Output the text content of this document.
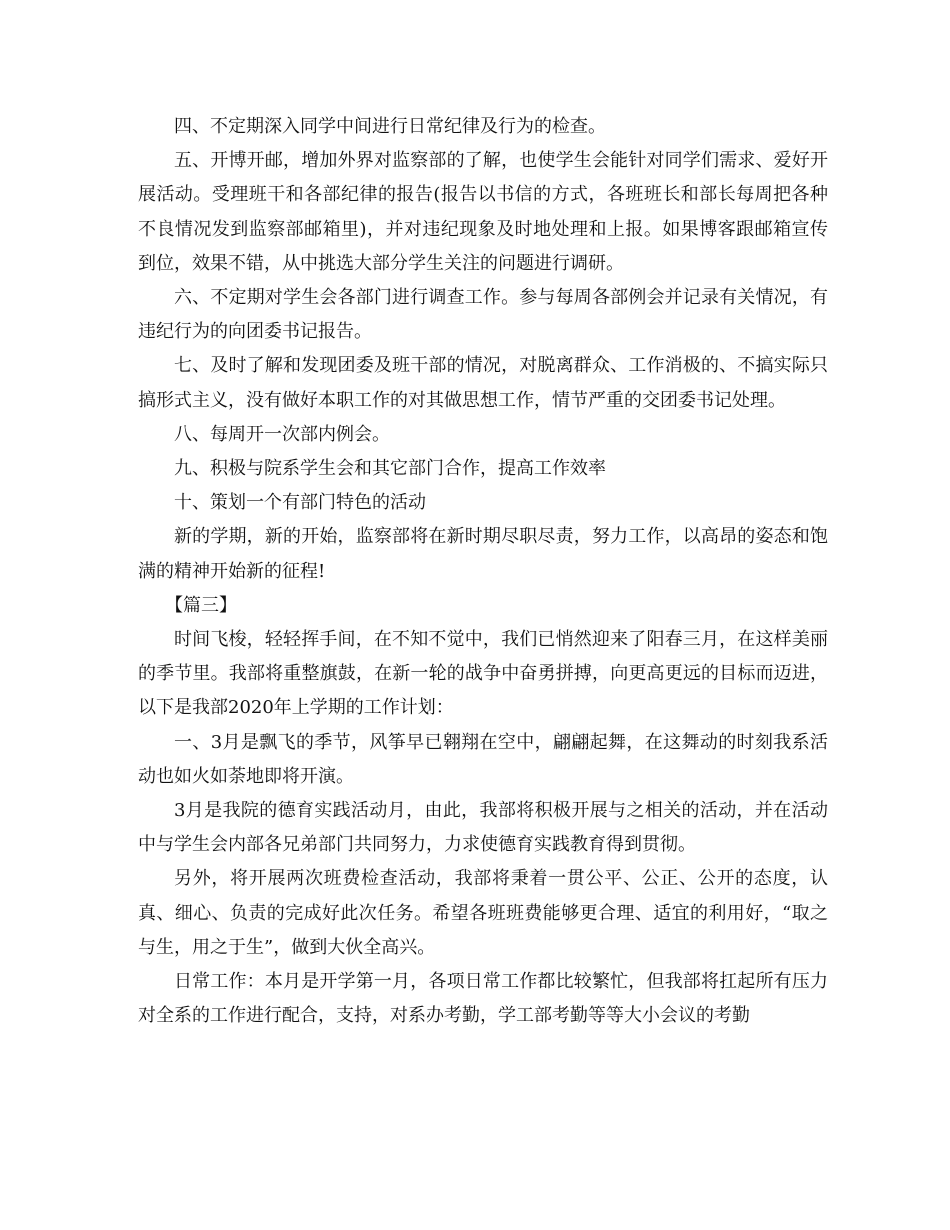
四、不定期深入同学中间进行日常纪律及行为的检查。

五、开博开邮，增加外界对监察部的了解，也使学生会能针对同学们需求、爱好开展活动。受理班干和各部纪律的报告(报告以书信的方式，各班班长和部长每周把各种不良情况发到监察部邮箱里)，并对违纪现象及时地处理和上报。如果博客跟邮箱宣传到位，效果不错，从中挑选大部分学生关注的问题进行调研。

六、不定期对学生会各部门进行调查工作。参与每周各部例会并记录有关情况，有违纪行为的向团委书记报告。

七、及时了解和发现团委及班干部的情况，对脱离群众、工作消极的、不搞实际只搞形式主义，没有做好本职工作的对其做思想工作，情节严重的交团委书记处理。

八、每周开一次部内例会。

九、积极与院系学生会和其它部门合作，提高工作效率

十、策划一个有部门特色的活动

新的学期，新的开始，监察部将在新时期尽职尽责，努力工作，以高昂的姿态和饱满的精神开始新的征程!

【篇三】

时间飞梭，轻轻挥手间，在不知不觉中，我们已悄然迎来了阳春三月，在这样美丽的季节里。我部将重整旗鼓，在新一轮的战争中奋勇拼搏，向更高更远的目标而迈进，以下是我部2020年上学期的工作计划：

一、3月是飘飞的季节，风筝早已翱翔在空中，翩翩起舞，在这舞动的时刻我系活动也如火如荼地即将开演。

3月是我院的德育实践活动月，由此，我部将积极开展与之相关的活动，并在活动中与学生会内部各兄弟部门共同努力，力求使德育实践教育得到贯彻。

另外，将开展两次班费检查活动，我部将秉着一贯公平、公正、公开的态度，认真、细心、负责的完成好此次任务。希望各班班费能够更合理、适宜的利用好，“取之与生，用之于生”，做到大伙全高兴。

日常工作：本月是开学第一月，各项日常工作都比较繁忙，但我部将扛起所有压力对全系的工作进行配合，支持，对系办考勤，学工部考勤等等大小会议的考勤
